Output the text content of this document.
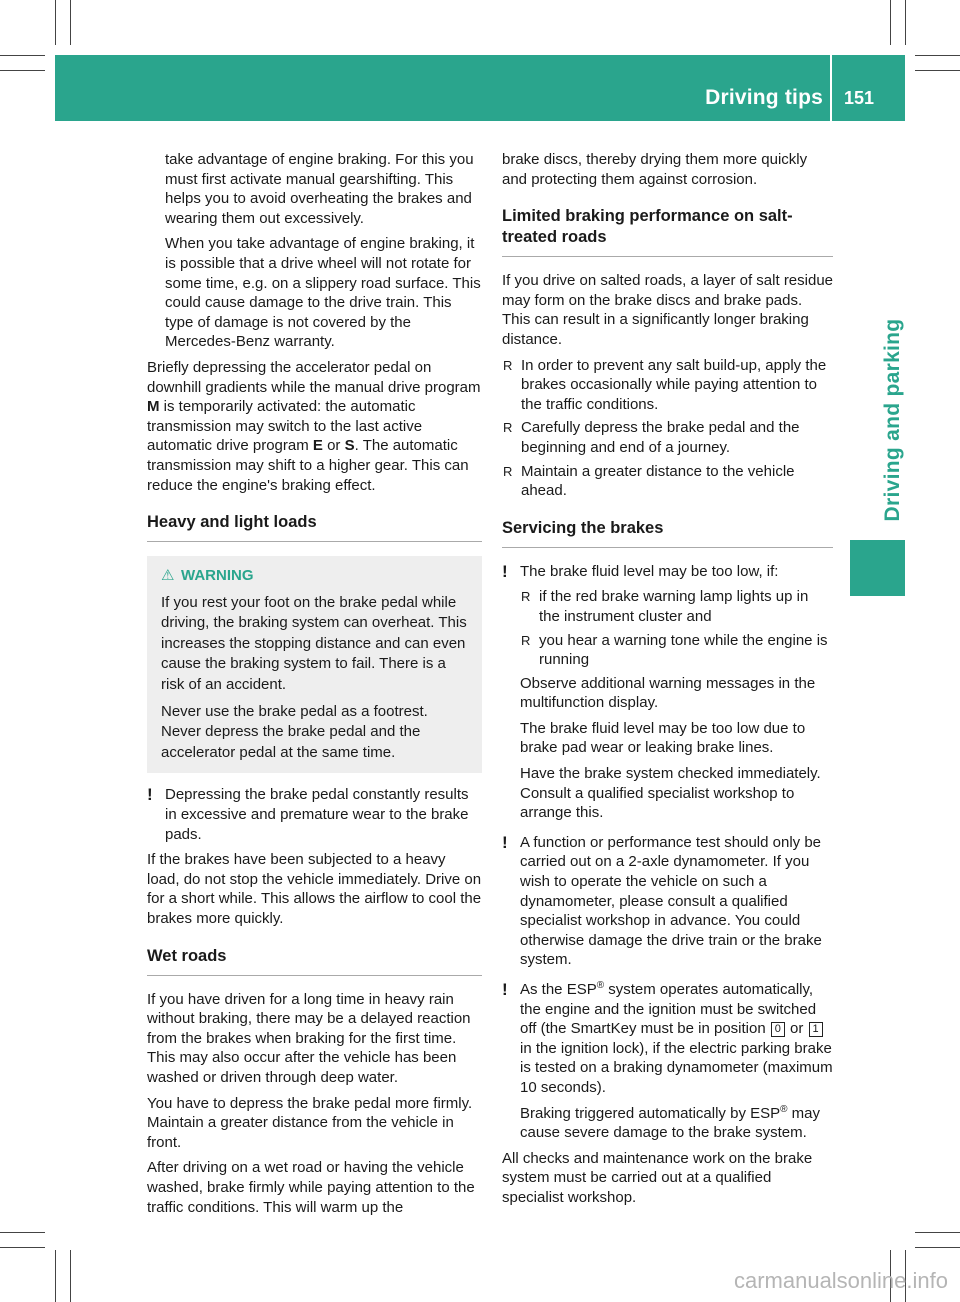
Driving tips 151
Driving and parking

take advantage of engine braking. For this you must first activate manual gearshifting. This helps you to avoid overheating the brakes and wearing them out excessively.

When you take advantage of engine braking, it is possible that a drive wheel will not rotate for some time, e.g. on a slippery road surface. This could cause damage to the drive train. This type of damage is not covered by the Mercedes-Benz warranty.

Briefly depressing the accelerator pedal on downhill gradients while the manual drive program M is temporarily activated: the automatic transmission may switch to the last active automatic drive program E or S. The automatic transmission may shift to a higher gear. This can reduce the engine's braking effect.

Heavy and light loads
⚠ WARNING

If you rest your foot on the brake pedal while driving, the braking system can overheat. This increases the stopping distance and can even cause the braking system to fail. There is a risk of an accident.

Never use the brake pedal as a footrest. Never depress the brake pedal and the accelerator pedal at the same time.

! Depressing the brake pedal constantly results in excessive and premature wear to the brake pads.

If the brakes have been subjected to a heavy load, do not stop the vehicle immediately. Drive on for a short while. This allows the airflow to cool the brakes more quickly.

Wet roads

If you have driven for a long time in heavy rain without braking, there may be a delayed reaction from the brakes when braking for the first time. This may also occur after the vehicle has been washed or driven through deep water.

You have to depress the brake pedal more firmly. Maintain a greater distance from the vehicle in front.

After driving on a wet road or having the vehicle washed, brake firmly while paying attention to the traffic conditions. This will warm up the

brake discs, thereby drying them more quickly and protecting them against corrosion.

Limited braking performance on salt-treated roads

If you drive on salted roads, a layer of salt residue may form on the brake discs and brake pads. This can result in a significantly longer braking distance.

R In order to prevent any salt build-up, apply the brakes occasionally while paying attention to the traffic conditions.
R Carefully depress the brake pedal and the beginning and end of a journey.
R Maintain a greater distance to the vehicle ahead.
Servicing the brakes
! The brake fluid level may be too low, if:
R if the red brake warning lamp lights up in the instrument cluster and
R you hear a warning tone while the engine is running

Observe additional warning messages in the multifunction display.

The brake fluid level may be too low due to brake pad wear or leaking brake lines.

Have the brake system checked immediately. Consult a qualified specialist workshop to arrange this.

! A function or performance test should only be carried out on a 2-axle dynamometer. If you wish to operate the vehicle on such a dynamometer, please consult a qualified specialist workshop in advance. You could otherwise damage the drive train or the brake system.
! As the ESP® system operates automatically, the engine and the ignition must be switched off (the SmartKey must be in position 0 or 1 in the ignition lock), if the electric parking brake is tested on a braking dynamometer (maximum 10 seconds).

Braking triggered automatically by ESP® may cause severe damage to the brake system.

All checks and maintenance work on the brake system must be carried out at a qualified specialist workshop.

carmanualsonline.info
